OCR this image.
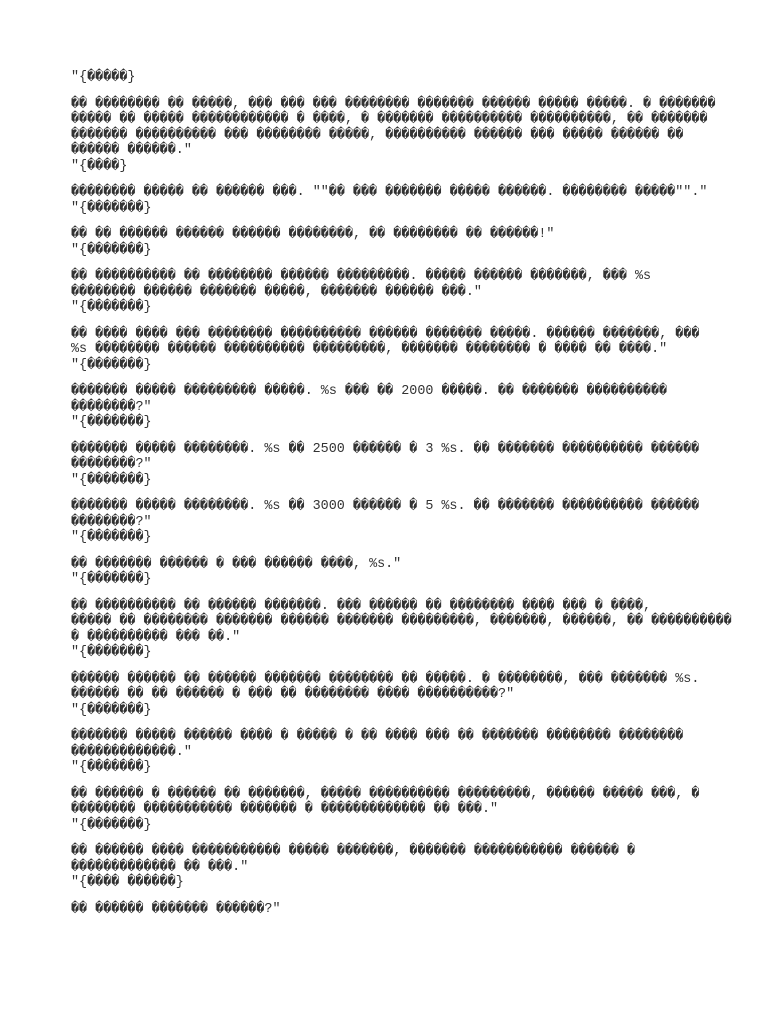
"{�����}
�� �������� �� �����, ��� ��� ��� �������� ������� ������ ����� �����. � �������
����� �� ����� ������������ � ����, � ������� ���������� ����������, �� �������
������� ���������� ��� �������� �����, ���������� ������ ��� ����� ������ ��
������ ������."
"{����}
�������� ����� �� ������ ���. ""�� ��� ������� ����� ������. �������� �����""."
"{�������}
�� �� ������ ������ ������ ��������, �� �������� �� ������!"
"{�������}
�� ���������� �� �������� ������ ���������. ����� ������ �������, ��� %s
�������� ������ ������� �����, ������� ������ ���."
"{�������}
�� ���� ���� ��� �������� ���������� ������ ������� �����. ������ �������, ���
%s �������� ������ ���������� ���������, ������� �������� � ���� �� ����."
"{�������}
������� ����� ��������� �����. %s ��� �� 2000 �����. �� ������� ����������
��������?"
"{�������}
������� ����� ��������. %s �� 2500 ������ � 3 %s. �� ������� ���������� ������
��������?"
"{�������}
������� ����� ��������. %s �� 3000 ������ � 5 %s. �� ������� ���������� ������
��������?"
"{�������}
�� ������� ������ � ��� ������ ����, %s."
"{�������}
�� ���������� �� ������ �������. ��� ������ �� �������� ���� ��� � ����,
����� �� �������� ������� ������ ������� ���������, �������, ������, �� ����������
� ���������� ��� ��."
"{�������}
������ ������ �� ������ ������� �������� �� �����. � ��������, ��� ������� %s.
������ �� �� ������ � ��� �� �������� ���� ����������?"
"{�������}
������� ����� ������ ���� � ����� � �� ���� ��� �� ������� �������� ��������
�������������."
"{�������}
�� ������ � ������ �� �������, ����� ���������� ���������, ������ ����� ���, �
�������� ����������� ������� � ������������� �� ���."
"{�������}
�� ������ ���� ����������� ����� �������, ������� ����������� ������ �
������������� �� ���."
"{���� ������}
�� ������ ������� ������?"
